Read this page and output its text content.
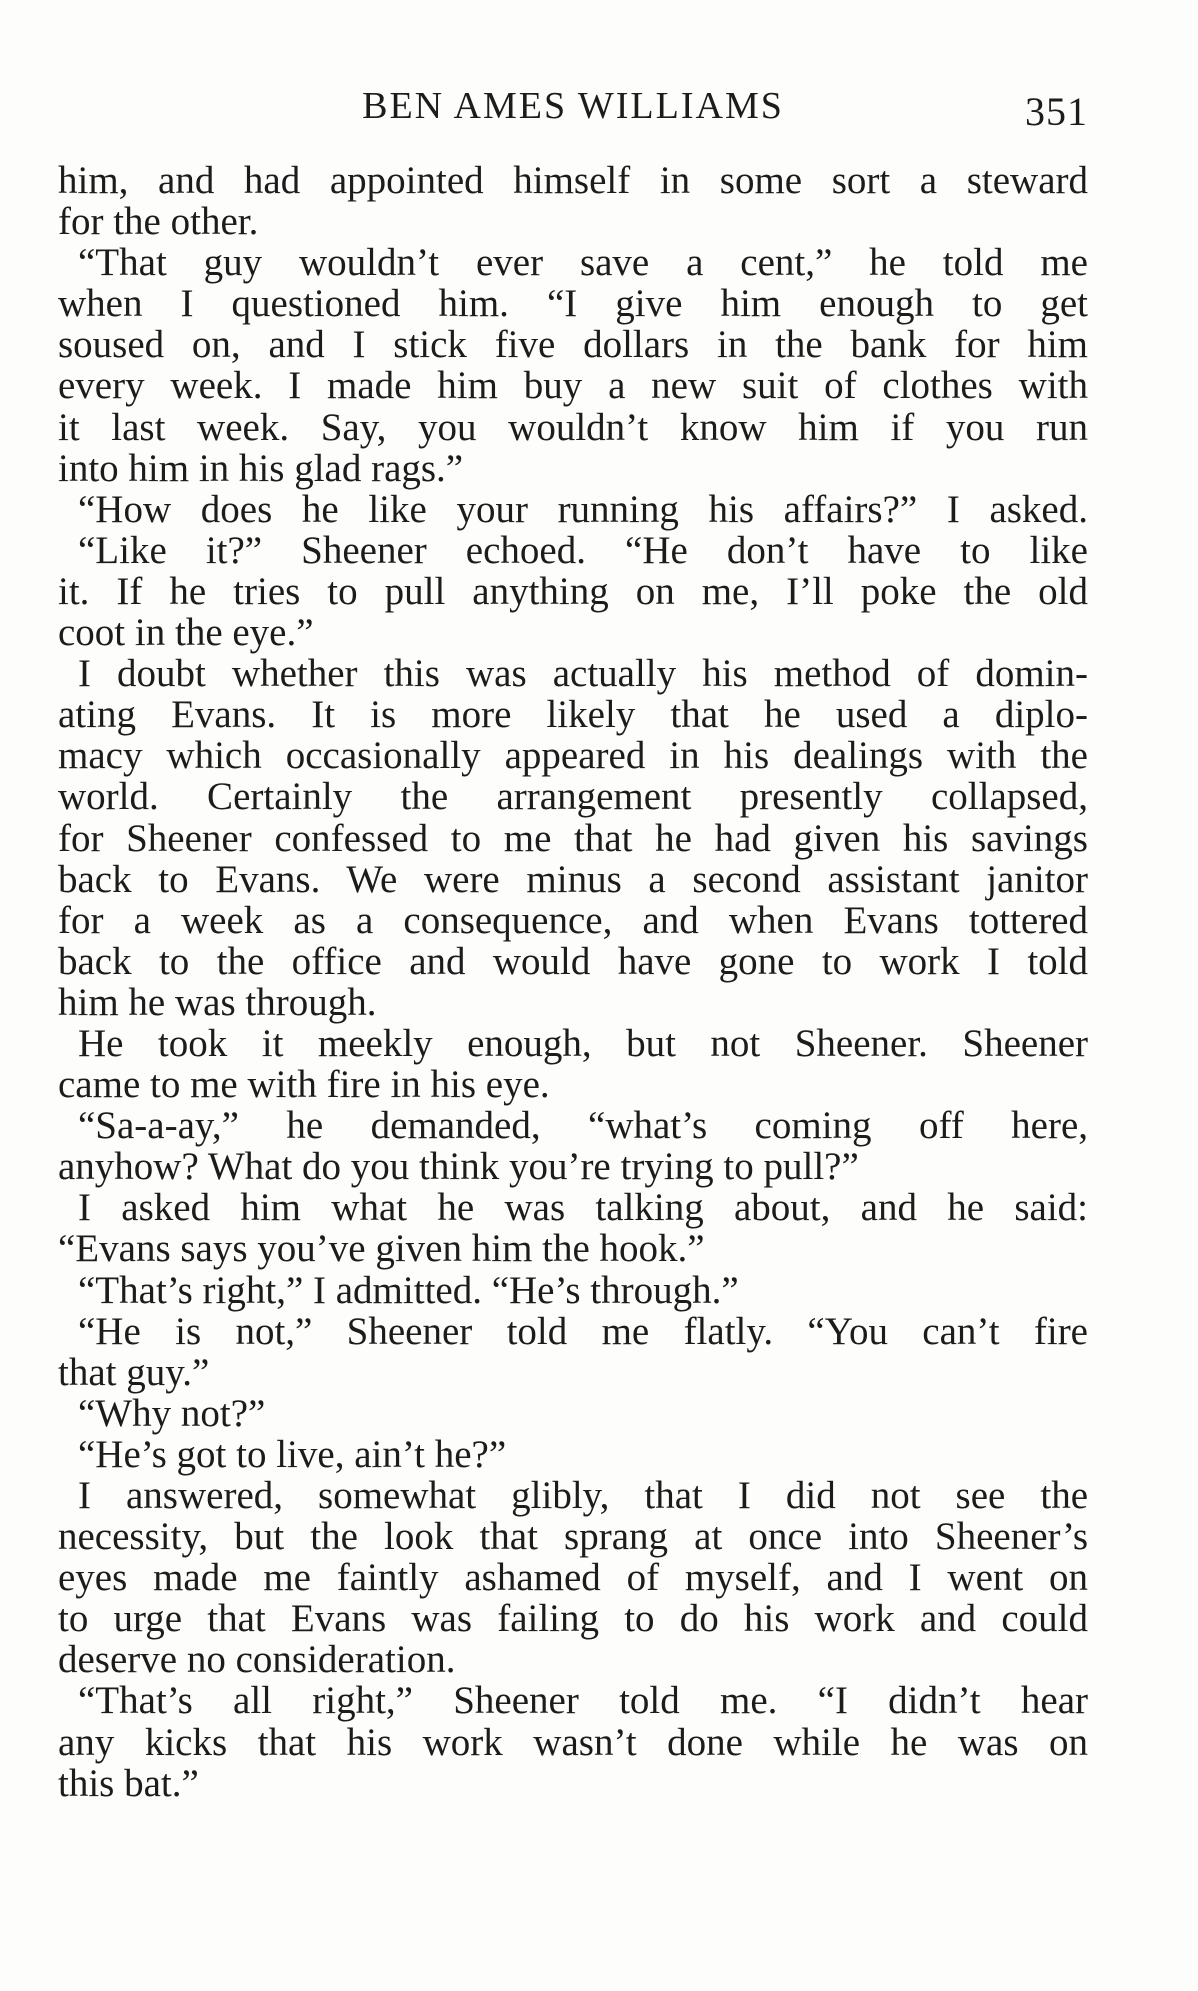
BEN AMES WILLIAMS	351
him, and had appointed himself in some sort a steward
for the other.
“That guy wouldn’t ever save a cent,” he told me
when I questioned him. “I give him enough to get
soused on, and I stick five dollars in the bank for him
every week. I made him buy a new suit of clothes with
it last week. Say, you wouldn’t know him if you run
into him in his glad rags.”
“How does he like your running his affairs?” I asked.
“Like it?” Sheener echoed. “He don’t have to like
it. If he tries to pull anything on me, I’ll poke the old
coot in the eye.”
I doubt whether this was actually his method of domin-
ating Evans. It is more likely that he used a diplo-
macy which occasionally appeared in his dealings with the
world. Certainly the arrangement presently collapsed,
for Sheener confessed to me that he had given his savings
back to Evans. We were minus a second assistant janitor
for a week as a consequence, and when Evans tottered
back to the office and would have gone to work I told
him he was through.
He took it meekly enough, but not Sheener. Sheener
came to me with fire in his eye.
“Sa-a-ay,” he demanded, “what’s coming off here,
anyhow? What do you think you’re trying to pull?”
I asked him what he was talking about, and he said:
“Evans says you’ve given him the hook.”
“That’s right,” I admitted. “He’s through.”
“He is not,” Sheener told me flatly. “You can’t fire
that guy.”
“Why not?”
“He’s got to live, ain’t he?”
I answered, somewhat glibly, that I did not see the
necessity, but the look that sprang at once into Sheener’s
eyes made me faintly ashamed of myself, and I went on
to urge that Evans was failing to do his work and could
deserve no consideration.
“That’s all right,” Sheener told me. “I didn’t hear
any kicks that his work wasn’t done while he was on
this bat.”
